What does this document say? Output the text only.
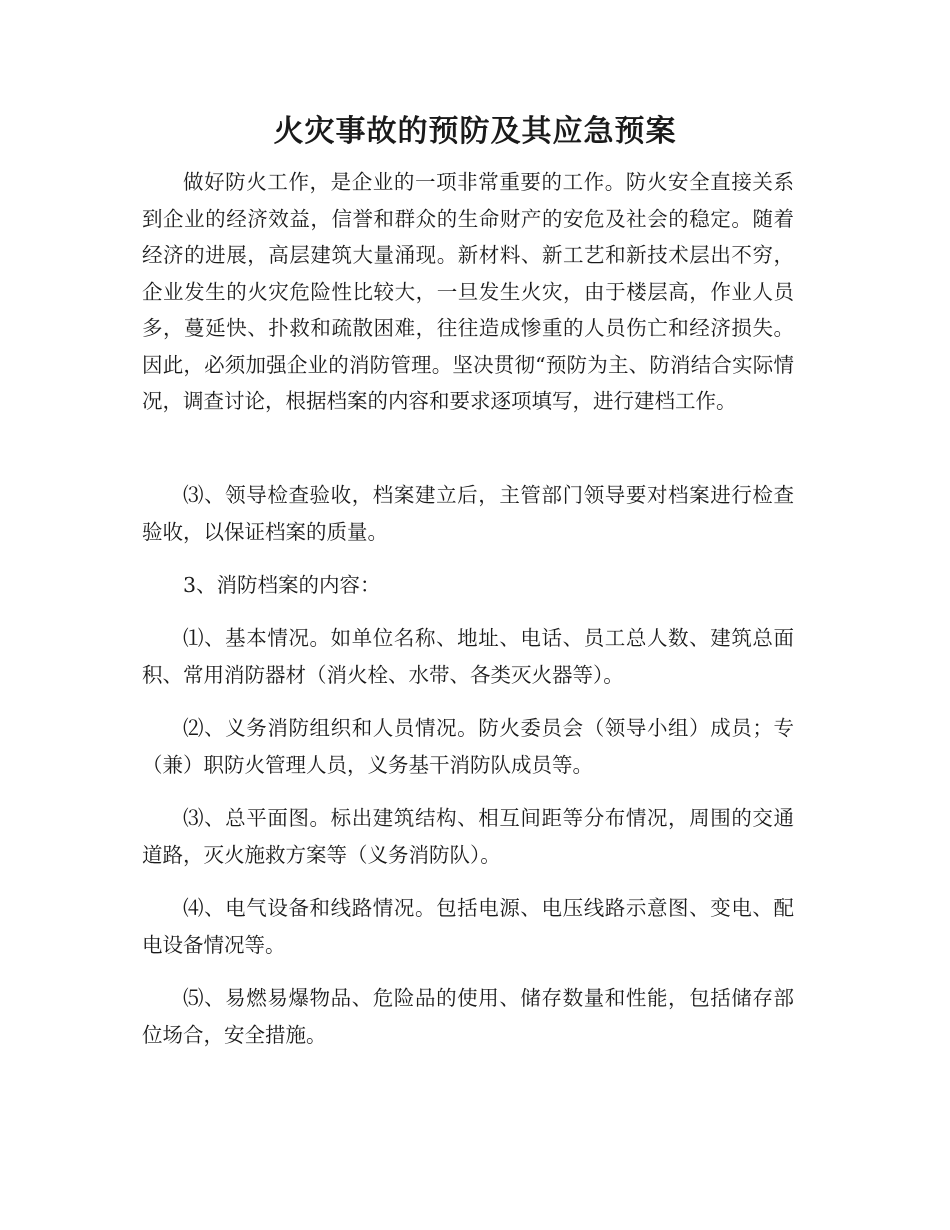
火灾事故的预防及其应急预案

做好防火工作，是企业的一项非常重要的工作。防火安全直接关系到企业的经济效益，信誉和群众的生命财产的安危及社会的稳定。随着经济的进展，高层建筑大量涌现。新材料、新工艺和新技术层出不穷，企业发生的火灾危险性比较大，一旦发生火灾，由于楼层高，作业人员多，蔓延快、扑救和疏散困难，往往造成惨重的人员伤亡和经济损失。因此，必须加强企业的消防管理。坚决贯彻“预防为主、防消结合实际情况，调查讨论，根据档案的内容和要求逐项填写，进行建档工作。

⑶、领导检查验收，档案建立后，主管部门领导要对档案进行检查验收，以保证档案的质量。

3、消防档案的内容：

⑴、基本情况。如单位名称、地址、电话、员工总人数、建筑总面积、常用消防器材（消火栓、水带、各类灭火器等）。

⑵、义务消防组织和人员情况。防火委员会（领导小组）成员；专（兼）职防火管理人员，义务基干消防队成员等。

⑶、总平面图。标出建筑结构、相互间距等分布情况，周围的交通道路，灭火施救方案等（义务消防队）。

⑷、电气设备和线路情况。包括电源、电压线路示意图、变电、配电设备情况等。

⑸、易燃易爆物品、危险品的使用、储存数量和性能，包括储存部位场合，安全措施。
